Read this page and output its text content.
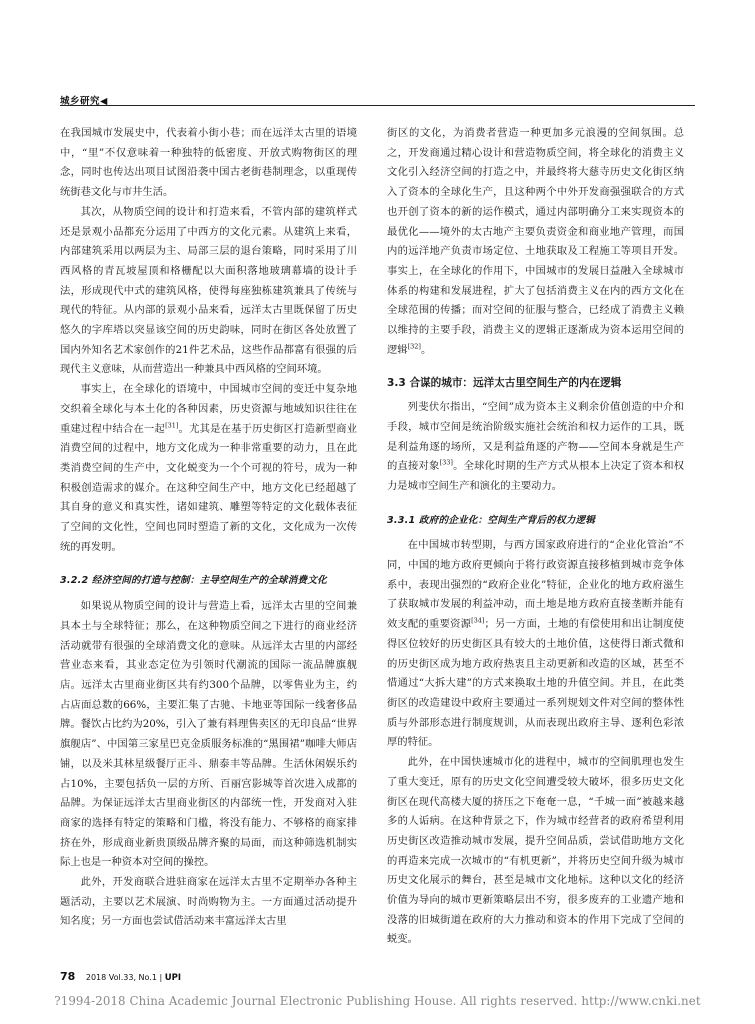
城乡研究◀

在我国城市发展史中，代表着小街小巷；而在远洋太古里的语境中，“里”不仅意味着一种独特的低密度、开放式购物街区的理念，同时也传达出项目试图沿袭中国古老街巷制理念，以重现传统街巷文化与市井生活。

其次，从物质空间的设计和打造来看，不管内部的建筑样式还是景观小品都充分运用了中西方的文化元素。从建筑上来看，内部建筑采用以两层为主、局部三层的退台策略，同时采用了川西风格的青瓦坡屋顶和格栅配以大面积落地玻璃幕墙的设计手法，形成现代中式的建筑风格，使得每座独栋建筑兼具了传统与现代的特征。从内部的景观小品来看，远洋太古里既保留了历史悠久的字库塔以突显该空间的历史韵味，同时在街区各处放置了国内外知名艺术家创作的21件艺术品，这些作品都富有很强的后现代主义意味，从而营造出一种兼具中西风格的空间环境。

事实上，在全球化的语境中，中国城市空间的变迁中复杂地交织着全球化与本土化的各种因素，历史资源与地域知识往往在重建过程中结合在一起[31]。尤其是在基于历史街区打造新型商业消费空间的过程中，地方文化成为一种非常重要的动力，且在此类消费空间的生产中，文化蜕变为一个个可视的符号，成为一种积极创造需求的媒介。在这种空间生产中，地方文化已经超越了其自身的意义和真实性，诸如建筑、雕塑等特定的文化载体表征了空间的文化性，空间也同时塑造了新的文化，文化成为一次传统的再发明。

3.2.2 经济空间的打造与控制：主导空间生产的全球消费文化

如果说从物质空间的设计与营造上看，远洋太古里的空间兼具本土与全球特征；那么，在这种物质空间之下进行的商业经济活动就带有很强的全球消费文化的意味。从远洋太古里的内部经营业态来看，其业态定位为引领时代潮流的国际一流品牌旗舰店。远洋太古里商业街区共有约300个品牌，以零售业为主，约占店面总数的66%，主要汇集了古驰、卡地亚等国际一线奢侈品牌。餐饮占比约为20%，引入了兼有料理售卖区的无印良品“世界旗舰店”、中国第三家星巴克金质服务标准的“黑围裙”咖啡大师店铺，以及米其林星级餐厅正斗、鼎泰丰等品牌。生活休闲娱乐约占10%，主要包括负一层的方所、百丽宫影城等首次进入成都的品牌。为保证远洋太古里商业街区的内部统一性，开发商对入驻商家的选择有特定的策略和门槛，将没有能力、不够格的商家排挤在外，形成商业新贵顶级品牌齐聚的局面，而这种筛选机制实际上也是一种资本对空间的操控。

此外，开发商联合进驻商家在远洋太古里不定期举办各种主题活动，主要以艺术展演、时尚购物为主。一方面通过活动提升知名度；另一方面也尝试借活动来丰富远洋太古里

街区的文化，为消费者营造一种更加多元浪漫的空间氛围。总之，开发商通过精心设计和营造物质空间，将全球化的消费主义文化引入经济空间的打造之中，并最终将大慈寺历史文化街区纳入了资本的全球化生产，且这种两个中外开发商强强联合的方式也开创了资本的新的运作模式，通过内部明确分工来实现资本的最优化——境外的太古地产主要负责资金和商业地产管理，而国内的远洋地产负责市场定位、土地获取及工程施工等项目开发。事实上，在全球化的作用下，中国城市的发展日益融入全球城市体系的构建和发展进程，扩大了包括消费主义在内的西方文化在全球范围的传播；而对空间的征服与整合，已经成了消费主义赖以维持的主要手段，消费主义的逻辑正逐渐成为资本运用空间的逻辑[32]。

3.3 合谋的城市：远洋太古里空间生产的内在逻辑

列斐伏尔指出，“空间”成为资本主义剩余价值创造的中介和手段，城市空间是统治阶级实施社会统治和权力运作的工具，既是利益角逐的场所，又是利益角逐的产物——空间本身就是生产的直接对象[33]。全球化时期的生产方式从根本上决定了资本和权力是城市空间生产和演化的主要动力。

3.3.1 政府的企业化：空间生产背后的权力逻辑

在中国城市转型期，与西方国家政府进行的“企业化管治”不同，中国的地方政府更倾向于将行政资源直接移植到城市竞争体系中，表现出强烈的“政府企业化”特征，企业化的地方政府滋生了获取城市发展的利益冲动，而土地是地方政府直接垄断并能有效支配的重要资源[34]；另一方面，土地的有偿使用和出让制度使得区位较好的历史街区具有较大的土地价值，这使得日渐式微和的历史街区成为地方政府热衷且主动更新和改造的区域，甚至不惜通过“大拆大建”的方式来换取土地的升值空间。并且，在此类街区的改造建设中政府主要通过一系列规划文件对空间的整体性质与外部形态进行制度规训，从而表现出政府主导、逐利色彩浓厚的特征。

此外，在中国快速城市化的进程中，城市的空间肌理也发生了重大变迁，原有的历史文化空间遭受较大破坏，很多历史文化街区在现代高楼大厦的挤压之下奄奄一息，“千城一面”被越来越多的人诟病。在这种背景之下，作为城市经营者的政府希望利用历史街区改造推动城市发展，提升空间品质，尝试借助地方文化的再造来完成一次城市的“有机更新”，并将历史空间升级为城市历史文化展示的舞台，甚至是城市文化地标。这种以文化的经济价值为导向的城市更新策略层出不穷，很多废弃的工业遗产地和没落的旧城街道在政府的大力推动和资本的作用下完成了空间的蜕变。

78 2018 Vol.33, No.1 | UPI
?1994-2018 China Academic Journal Electronic Publishing House. All rights reserved. http://www.cnki.net
